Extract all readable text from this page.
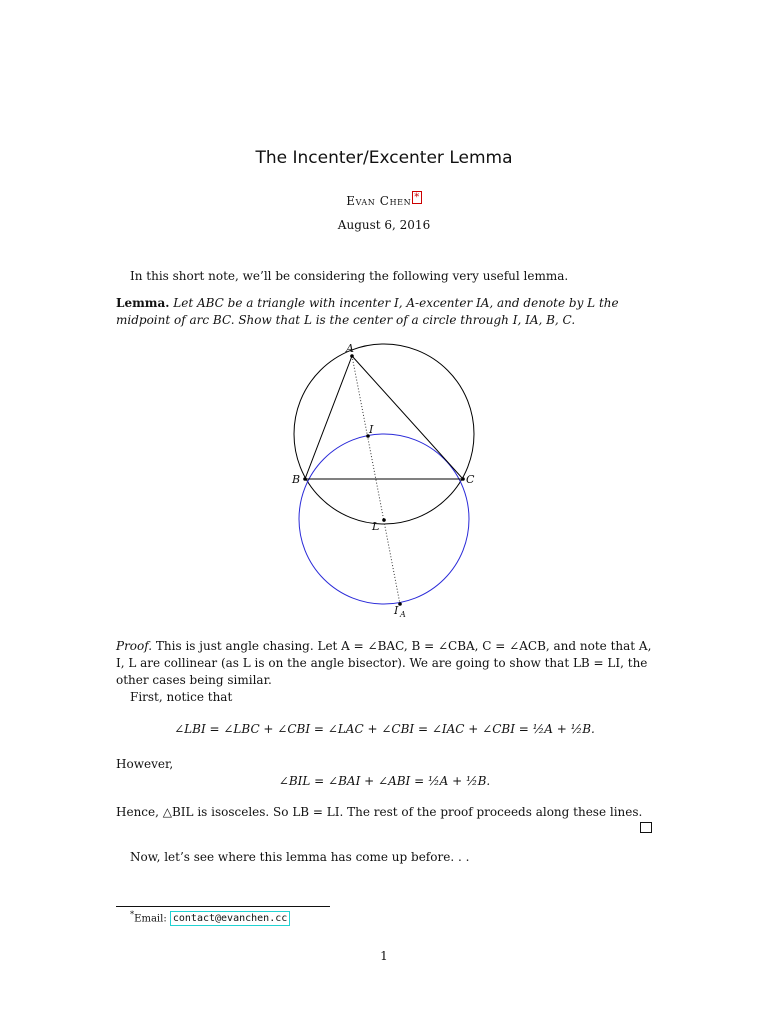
The Incenter/Excenter Lemma
Evan Chen *
August 6, 2016
In this short note, we’ll be considering the following very useful lemma.
Lemma. Let ABC be a triangle with incenter I, A-excenter IA, and denote by L the midpoint of arc BC. Show that L is the center of a circle through I, IA, B, C.
A
I
B	C
L
I A
Proof. This is just angle chasing. Let A = ∠BAC, B = ∠CBA, C = ∠ACB, and note that A, I, L are collinear (as L is on the angle bisector). We are going to show that LB = LI, the other cases being similar.
First, notice that
∠LBI = ∠LBC + ∠CBI = ∠LAC + ∠CBI = ∠IAC + ∠CBI = ½A + ½B.
However,
∠BIL = ∠BAI + ∠ABI = ½A + ½B.
Hence, △BIL is isosceles. So LB = LI. The rest of the proof proceeds along these lines.
Now, let’s see where this lemma has come up before. . .
*Email: contact@evanchen.cc
1
